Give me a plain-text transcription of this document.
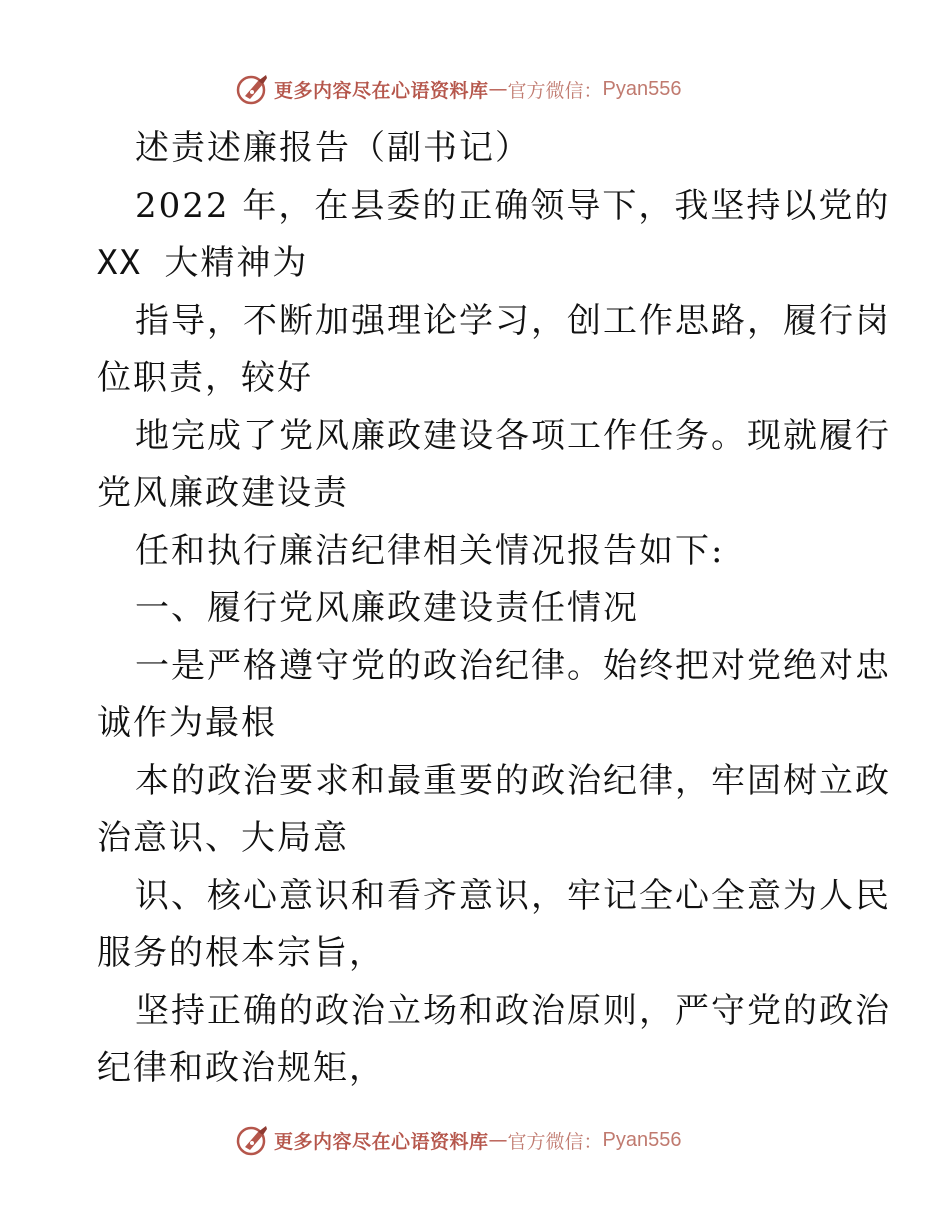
更多内容尽在心语资料库 — 官方微信： Pyan556
述责述廉报告（副书记）
2022 年，在县委的正确领导下，我坚持以党的
XX 大精神为
指导，不断加强理论学习，创工作思路，履行岗
位职责，较好
地完成了党风廉政建设各项工作任务。现就履行
党风廉政建设责
任和执行廉洁纪律相关情况报告如下:
一、履行党风廉政建设责任情况
一是严格遵守党的政治纪律。始终把对党绝对忠
诚作为最根
本的政治要求和最重要的政治纪律，牢固树立政
治意识、大局意
识、核心意识和看齐意识，牢记全心全意为人民
服务的根本宗旨，
坚持正确的政治立场和政治原则，严守党的政治
纪律和政治规矩，
更多内容尽在心语资料库 — 官方微信： Pyan556
